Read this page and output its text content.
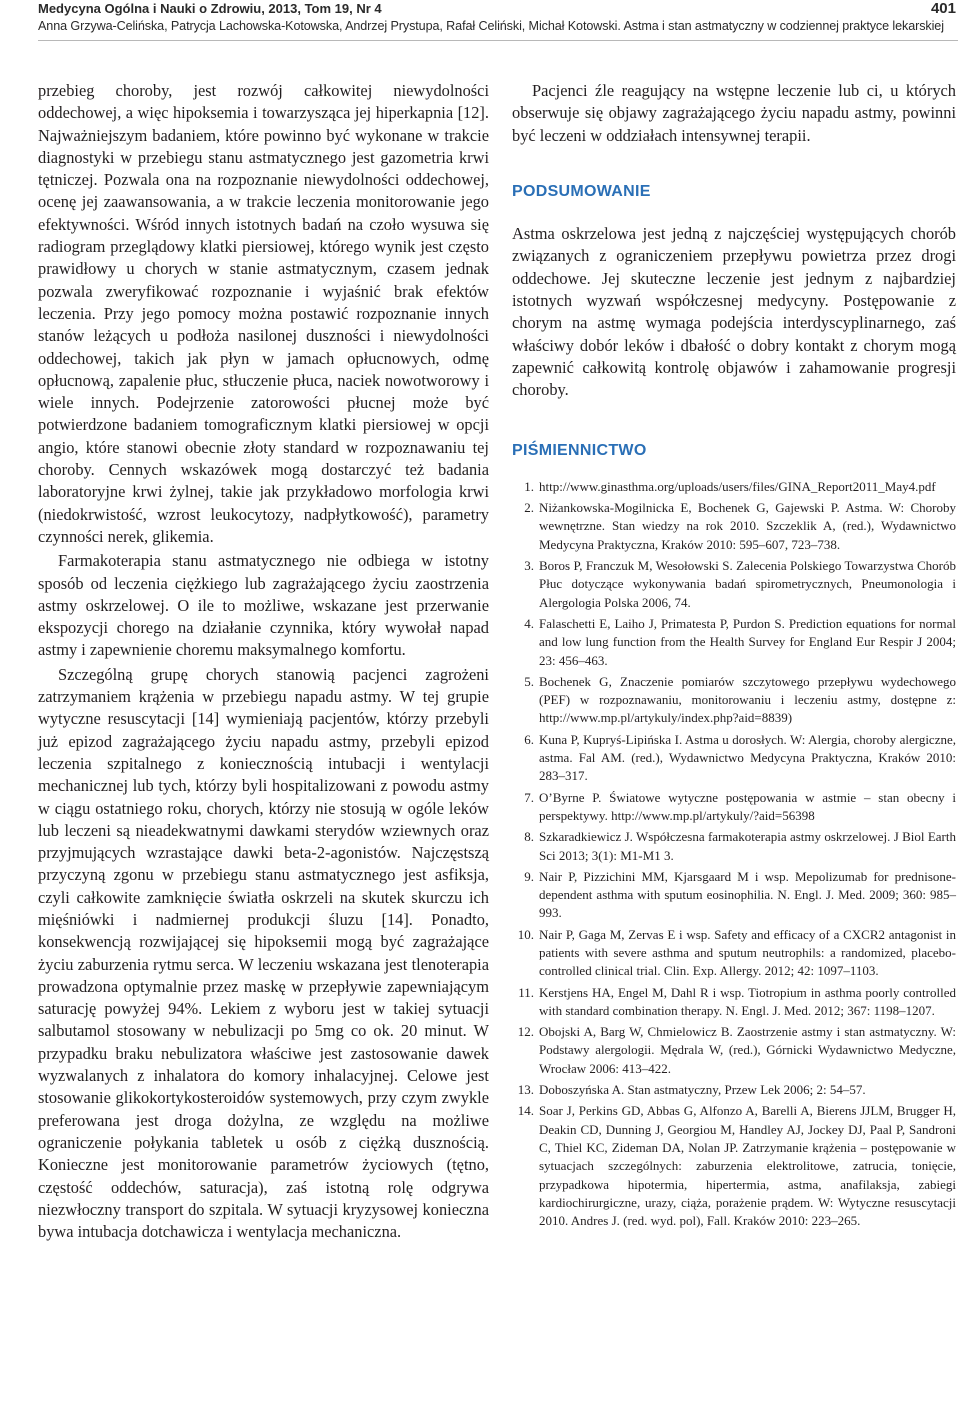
Medycyna Ogólna i Nauki o Zdrowiu, 2013, Tom 19, Nr 4	401
Anna Grzywa-Celińska, Patrycja Lachowska-Kotowska, Andrzej Prystupa, Rafał Celiński, Michał Kotowski. Astma i stan astmatyczny w codziennej praktyce lekarskiej

przebieg choroby, jest rozwój całkowitej niewydolności oddechowej, a więc hipoksemia i towarzysząca jej hiperkapnia [12]. Najważniejszym badaniem, które powinno być wykonane w trakcie diagnostyki w przebiegu stanu astmatycznego jest gazometria krwi tętniczej. Pozwala ona na rozpoznanie niewydolności oddechowej, ocenę jej zaawansowania, a w trakcie leczenia monitorowanie jego efektywności. Wśród innych istotnych badań na czoło wysuwa się radiogram przeglądowy klatki piersiowej, którego wynik jest często prawidłowy u chorych w stanie astmatycznym, czasem jednak pozwala zweryfikować rozpoznanie i wyjaśnić brak efektów leczenia. Przy jego pomocy można postawić rozpoznanie innych stanów leżących u podłoża nasilonej duszności i niewydolności oddechowej, takich jak płyn w jamach opłucnowych, odmę opłucnową, zapalenie płuc, stłuczenie płuca, naciek nowotworowy i wiele innych. Podejrzenie zatorowości płucnej może być potwierdzone badaniem tomograficznym klatki piersiowej w opcji angio, które stanowi obecnie złoty standard w rozpoznawaniu tej choroby. Cennych wskazówek mogą dostarczyć też badania laboratoryjne krwi żylnej, takie jak przykładowo morfologia krwi (niedokrwistość, wzrost leukocytozy, nadpłytkowość), parametry czynności nerek, glikemia.

Farmakoterapia stanu astmatycznego nie odbiega w istotny sposób od leczenia ciężkiego lub zagrażającego życiu zaostrzenia astmy oskrzelowej. O ile to możliwe, wskazane jest przerwanie ekspozycji chorego na działanie czynnika, który wywołał napad astmy i zapewnienie choremu maksymalnego komfortu.

Szczególną grupę chorych stanowią pacjenci zagrożeni zatrzymaniem krążenia w przebiegu napadu astmy. W tej grupie wytyczne resuscytacji [14] wymieniają pacjentów, którzy przebyli już epizod zagrażającego życiu napadu astmy, przebyli epizod leczenia szpitalnego z koniecznością intubacji i wentylacji mechanicznej lub tych, którzy byli hospitalizowani z powodu astmy w ciągu ostatniego roku, chorych, którzy nie stosują w ogóle leków lub leczeni są nieadekwatnymi dawkami sterydów wziewnych oraz przyjmujących wzrastające dawki beta-2-agonistów. Najczęstszą przyczyną zgonu w przebiegu stanu astmatycznego jest asfiksja, czyli całkowite zamknięcie światła oskrzeli na skutek skurczu ich mięśniówki i nadmiernej produkcji śluzu [14]. Ponadto, konsekwencją rozwijającej się hipoksemii mogą być zagrażające życiu zaburzenia rytmu serca. W leczeniu wskazana jest tlenoterapia prowadzona optymalnie przez maskę w przepływie zapewniającym saturację powyżej 94%. Lekiem z wyboru jest w takiej sytuacji salbutamol stosowany w nebulizacji po 5mg co ok. 20 minut. W przypadku braku nebulizatora właściwe jest zastosowanie dawek wyzwalanych z inhalatora do komory inhalacyjnej. Celowe jest stosowanie glikokortykosteroidów systemowych, przy czym zwykle preferowana jest droga dożylna, ze względu na możliwe ograniczenie połykania tabletek u osób z ciężką dusznością. Konieczne jest monitorowanie parametrów życiowych (tętno, częstość oddechów, saturacja), zaś istotną rolę odgrywa niezwłoczny transport do szpitala. W sytuacji kryzysowej konieczna bywa intubacja dotchawicza i wentylacja mechaniczna.

Pacjenci źle reagujący na wstępne leczenie lub ci, u których obserwuje się objawy zagrażającego życiu napadu astmy, powinni być leczeni w oddziałach intensywnej terapii.

PODSUMOWANIE

Astma oskrzelowa jest jedną z najczęściej występujących chorób związanych z ograniczeniem przepływu powietrza przez drogi oddechowe. Jej skuteczne leczenie jest jednym z najbardziej istotnych wyzwań współczesnej medycyny. Postępowanie z chorym na astmę wymaga podejścia interdyscyplinarnego, zaś właściwy dobór leków i dbałość o dobry kontakt z chorym mogą zapewnić całkowitą kontrolę objawów i zahamowanie progresji choroby.

PIŚMIENNICTWO
1. http://www.ginasthma.org/uploads/users/files/GINA_Report2011_May4.pdf
2. Niżankowska-Mogilnicka E, Bochenek G, Gajewski P. Astma. W: Choroby wewnętrzne. Stan wiedzy na rok 2010. Szczeklik A, (red.), Wydawnictwo Medycyna Praktyczna, Kraków 2010: 595–607, 723–738.
3. Boros P, Franczuk M, Wesołowski S. Zalecenia Polskiego Towarzystwa Chorób Płuc dotyczące wykonywania badań spirometrycznych, Pneumonologia i Alergologia Polska 2006, 74.
4. Falaschetti E, Laiho J, Primatesta P, Purdon S. Prediction equations for normal and low lung function from the Health Survey for England Eur Respir J 2004; 23: 456–463.
5. Bochenek G, Znaczenie pomiarów szczytowego przepływu wydechowego (PEF) w rozpoznawaniu, monitorowaniu i leczeniu astmy, dostępne z: http://www.mp.pl/artykuly/index.php?aid=8839)
6. Kuna P, Kupryś-Lipińska I. Astma u dorosłych. W: Alergia, choroby alergiczne, astma. Fal AM. (red.), Wydawnictwo Medycyna Praktyczna, Kraków 2010: 283–317.
7. O’Byrne P. Światowe wytyczne postępowania w astmie – stan obecny i perspektywy. http://www.mp.pl/artykuly/?aid=56398
8. Szkaradkiewicz J. Współczesna farmakoterapia astmy oskrzelowej. J Biol Earth Sci 2013; 3(1): M1-M1 3.
9. Nair P, Pizzichini MM, Kjarsgaard M i wsp. Mepolizumab for prednisone-dependent asthma with sputum eosinophilia. N. Engl. J. Med. 2009; 360: 985–993.
10. Nair P, Gaga M, Zervas E i wsp. Safety and efficacy of a CXCR2 antagonist in patients with severe asthma and sputum neutrophils: a randomized, placebo-controlled clinical trial. Clin. Exp. Allergy. 2012; 42: 1097–1103.
11. Kerstjens HA, Engel M, Dahl R i wsp. Tiotropium in asthma poorly controlled with standard combination therapy. N. Engl. J. Med. 2012; 367: 1198–1207.
12. Obojski A, Barg W, Chmielowicz B. Zaostrzenie astmy i stan astmatyczny. W: Podstawy alergologii. Mędrala W, (red.), Górnicki Wydawnictwo Medyczne, Wrocław 2006: 413–422.
13. Doboszyńska A. Stan astmatyczny, Przew Lek 2006; 2: 54–57.
14. Soar J, Perkins GD, Abbas G, Alfonzo A, Barelli A, Bierens JJLM, Brugger H, Deakin CD, Dunning J, Georgiou M, Handley AJ, Jockey DJ, Paal P, Sandroni C, Thiel KC, Zideman DA, Nolan JP. Zatrzymanie krążenia – postępowanie w sytuacjach szczególnych: zaburzenia elektrolitowe, zatrucia, tonięcie, przypadkowa hipotermia, hipertermia, astma, anafilaksja, zabiegi kardiochirurgiczne, urazy, ciąża, porażenie prądem. W: Wytyczne resuscytacji 2010. Andres J. (red. wyd. pol), Fall. Kraków 2010: 223–265.
